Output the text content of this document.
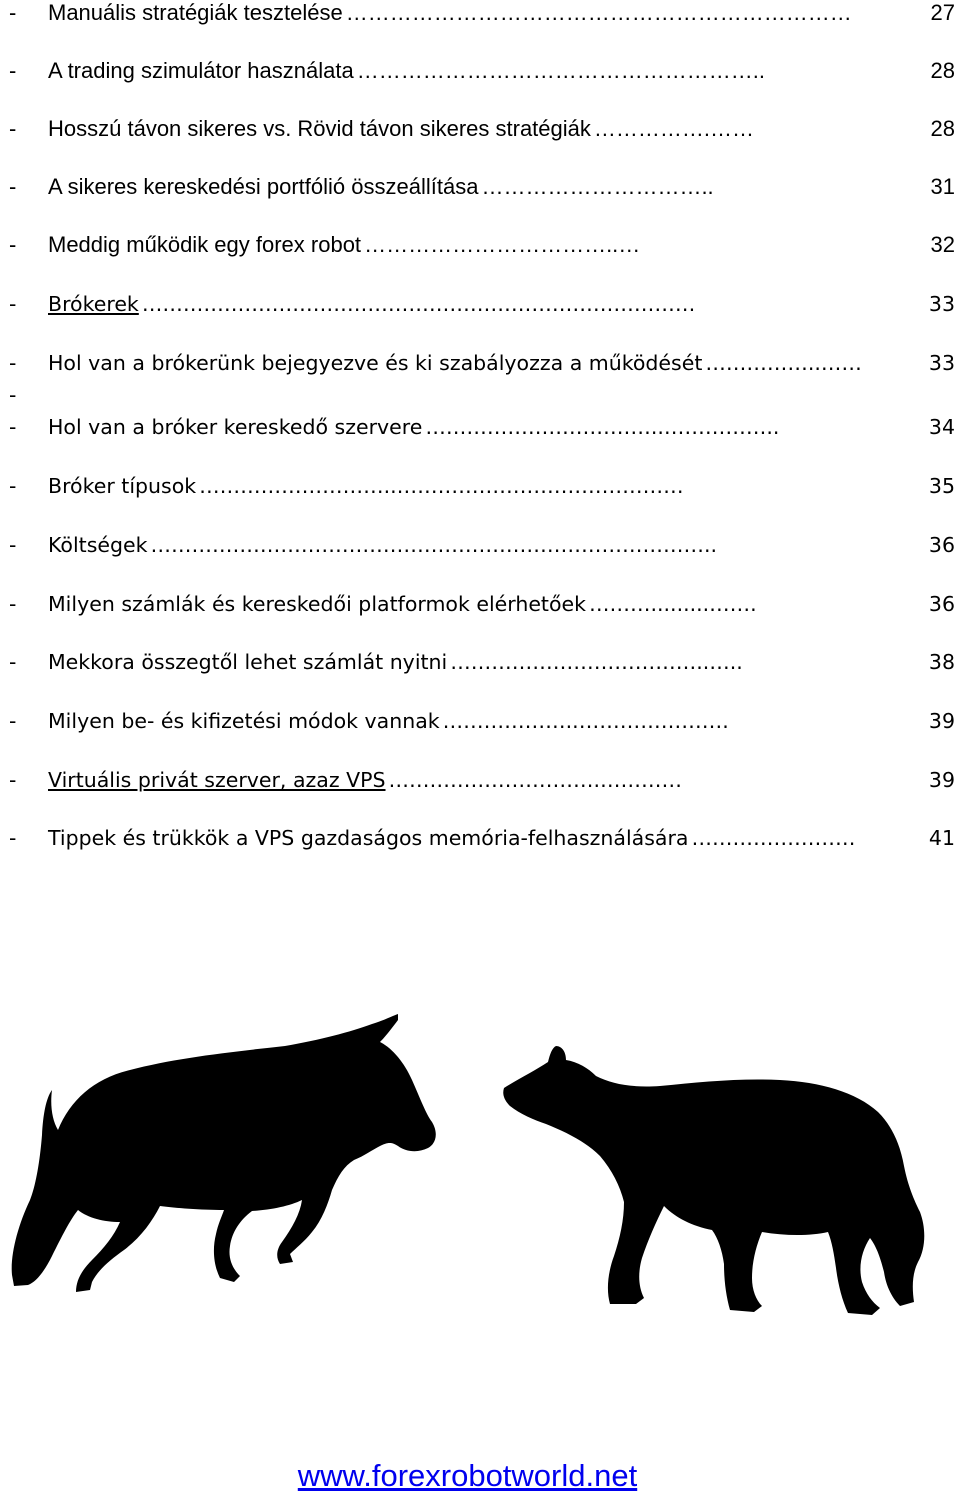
- Manuális stratégiák tesztelése ……………………………………………………………	27
- A trading szimulátor használata ………………………………………………..	28
- Hosszú távon sikeres vs. Rövid távon sikeres stratégiák …………….……	28
- A sikeres kereskedési portfólió összeállítása …………………………..	31
- Meddig működik egy forex robot ……………………………..…	32
- Brókerek ………………………………………………………………………	33
- Hol van a brókerünk bejegyezve és ki szabályozza a működését ……………..……	33
-
- Hol van a bróker kereskedő szervere ……………………………..……………..	34
- Bróker típusok ………………………..……………………………………	35
- Költségek ………………………………………………………………………..	36
- Milyen számlák és kereskedői platformok elérhetőek ……….........…….	36
- Mekkora összegtől lehet számlát nyitni ………………………………..…..	38
- Milyen be- és kifizetési módok vannak ………………..………………….	39
- Virtuális privát szerver, azaz VPS ………………………….…………	39
- Tippek és trükkök a VPS gazdaságos memória-felhasználására ……………………	41
www.forexrobotworld.net
